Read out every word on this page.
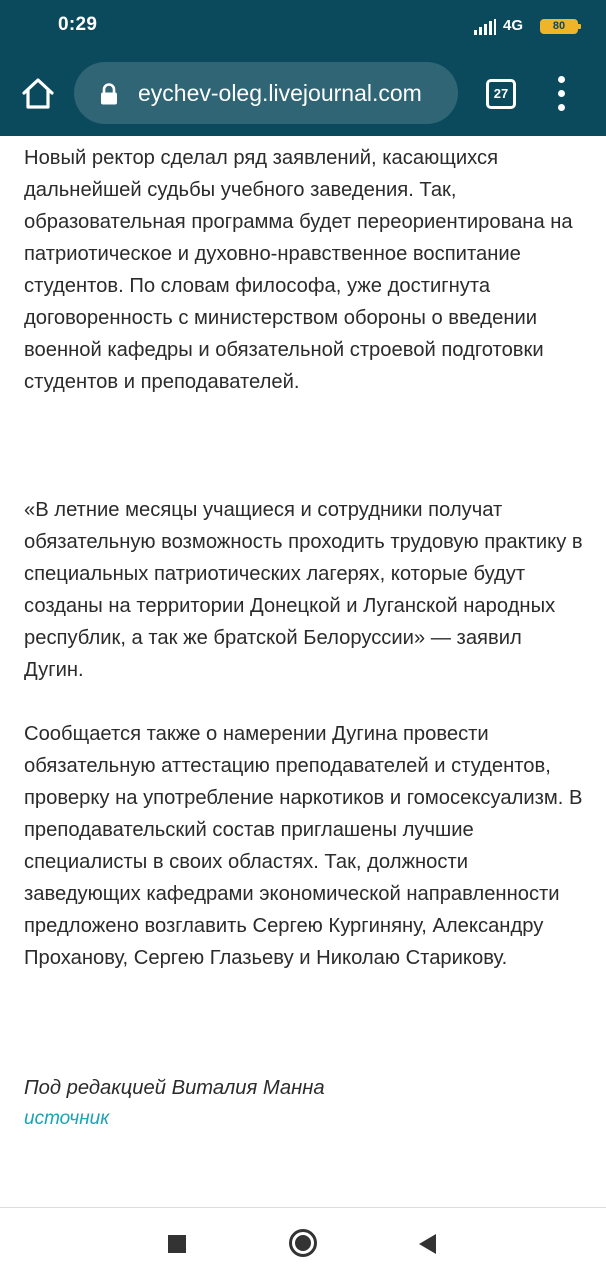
0:29	4G	80
eychev-oleg.livejournal.com	27

Новый ректор сделал ряд заявлений, касающихся дальнейшей судьбы учебного заведения. Так, образовательная программа будет переориентирована на патриотическое и духовно-нравственное воспитание студентов. По словам философа, уже достигнута договоренность с министерством обороны о введении военной кафедры и обязательной строевой подготовки студентов и преподавателей.

«В летние месяцы учащиеся и сотрудники получат обязательную возможность проходить трудовую практику в специальных патриотических лагерях, которые будут созданы на территории Донецкой и Луганской народных республик, а так же братской Белоруссии» — заявил Дугин.

Сообщается также о намерении Дугина провести обязательную аттестацию преподавателей и студентов, проверку на употребление наркотиков и гомосексуализм. В преподавательский состав приглашены лучшие специалисты в своих областях. Так, должности заведующих кафедрами экономической направленности предложено возглавить Сергею Кургиняну, Александру Проханову, Сергею Глазьеву и Николаю Старикову.

Под редакцией Виталия Манна

источник
